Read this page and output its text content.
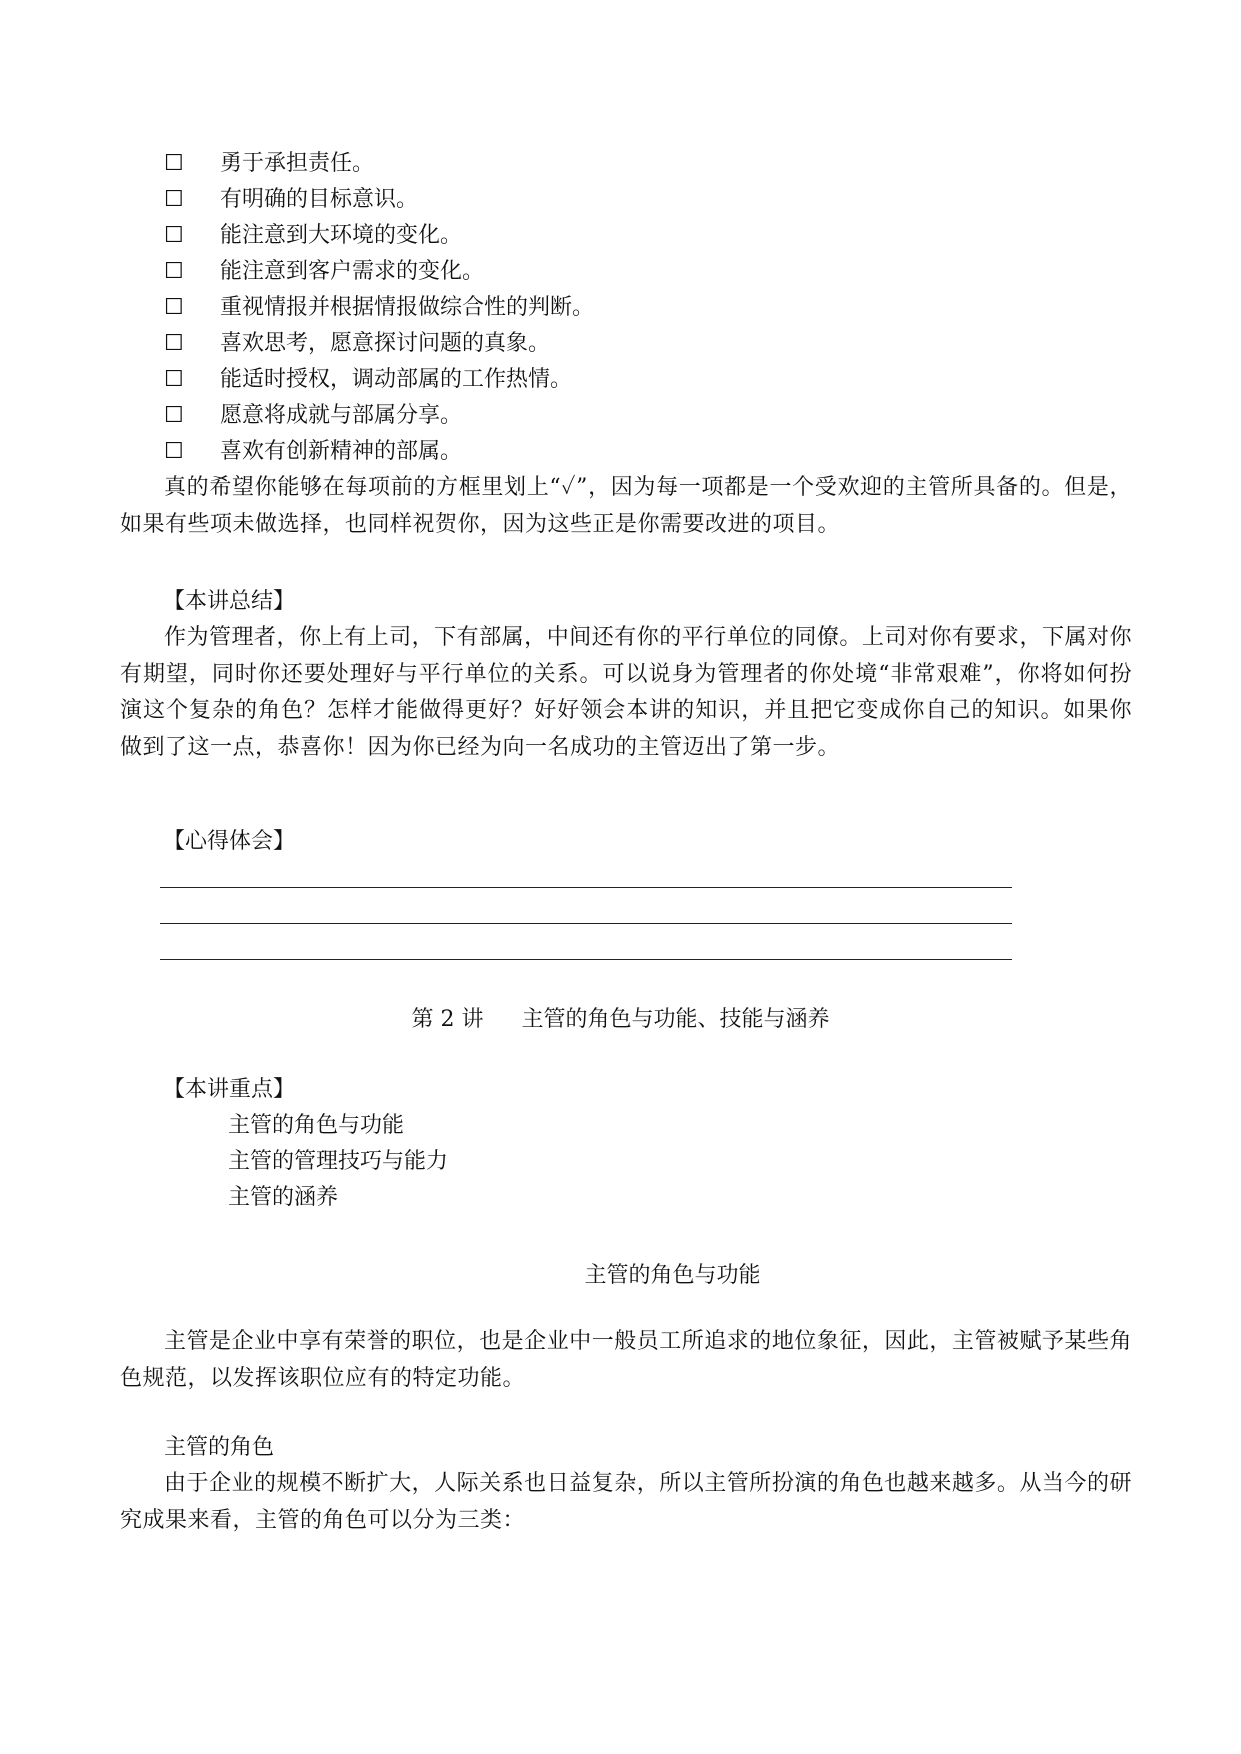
☐ 勇于承担责任。
☐ 有明确的目标意识。
☐ 能注意到大环境的变化。
☐ 能注意到客户需求的变化。
☐ 重视情报并根据情报做综合性的判断。
☐ 喜欢思考，愿意探讨问题的真象。
☐ 能适时授权，调动部属的工作热情。
☐ 愿意将成就与部属分享。
☐ 喜欢有创新精神的部属。
真的希望你能够在每项前的方框里划上“✓”，因为每一项都是一个受欢迎的主管所具备的。但是，如果有些项未做选择，也同样祝贺你，因为这些正是你需要改进的项目。
【本讲总结】
作为管理者，你上有上司，下有部属，中间还有你的平行单位的同僚。上司对你有要求，下属对你有期望，同时你还要处理好与平行单位的关系。可以说身为管理者的你处境“非常艰难”，你将如何扮演这个复杂的角色？怎样才能做得更好？好好领会本讲的知识，并且把它变成你自己的知识。如果你做到了这一点，恭喜你！因为你已经为向一名成功的主管迈出了第一步。
【心得体会】
第 2 讲 主管的角色与功能、技能与涵养
【本讲重点】
主管的角色与功能
主管的管理技巧与能力
主管的涵养
主管的角色与功能
主管是企业中享有荣誉的职位，也是企业中一般员工所追求的地位象征，因此，主管被赋予某些角色规范，以发挥该职位应有的特定功能。
主管的角色
由于企业的规模不断扩大，人际关系也日益复杂，所以主管所扮演的角色也越来越多。从当今的研究成果来看，主管的角色可以分为三类：
